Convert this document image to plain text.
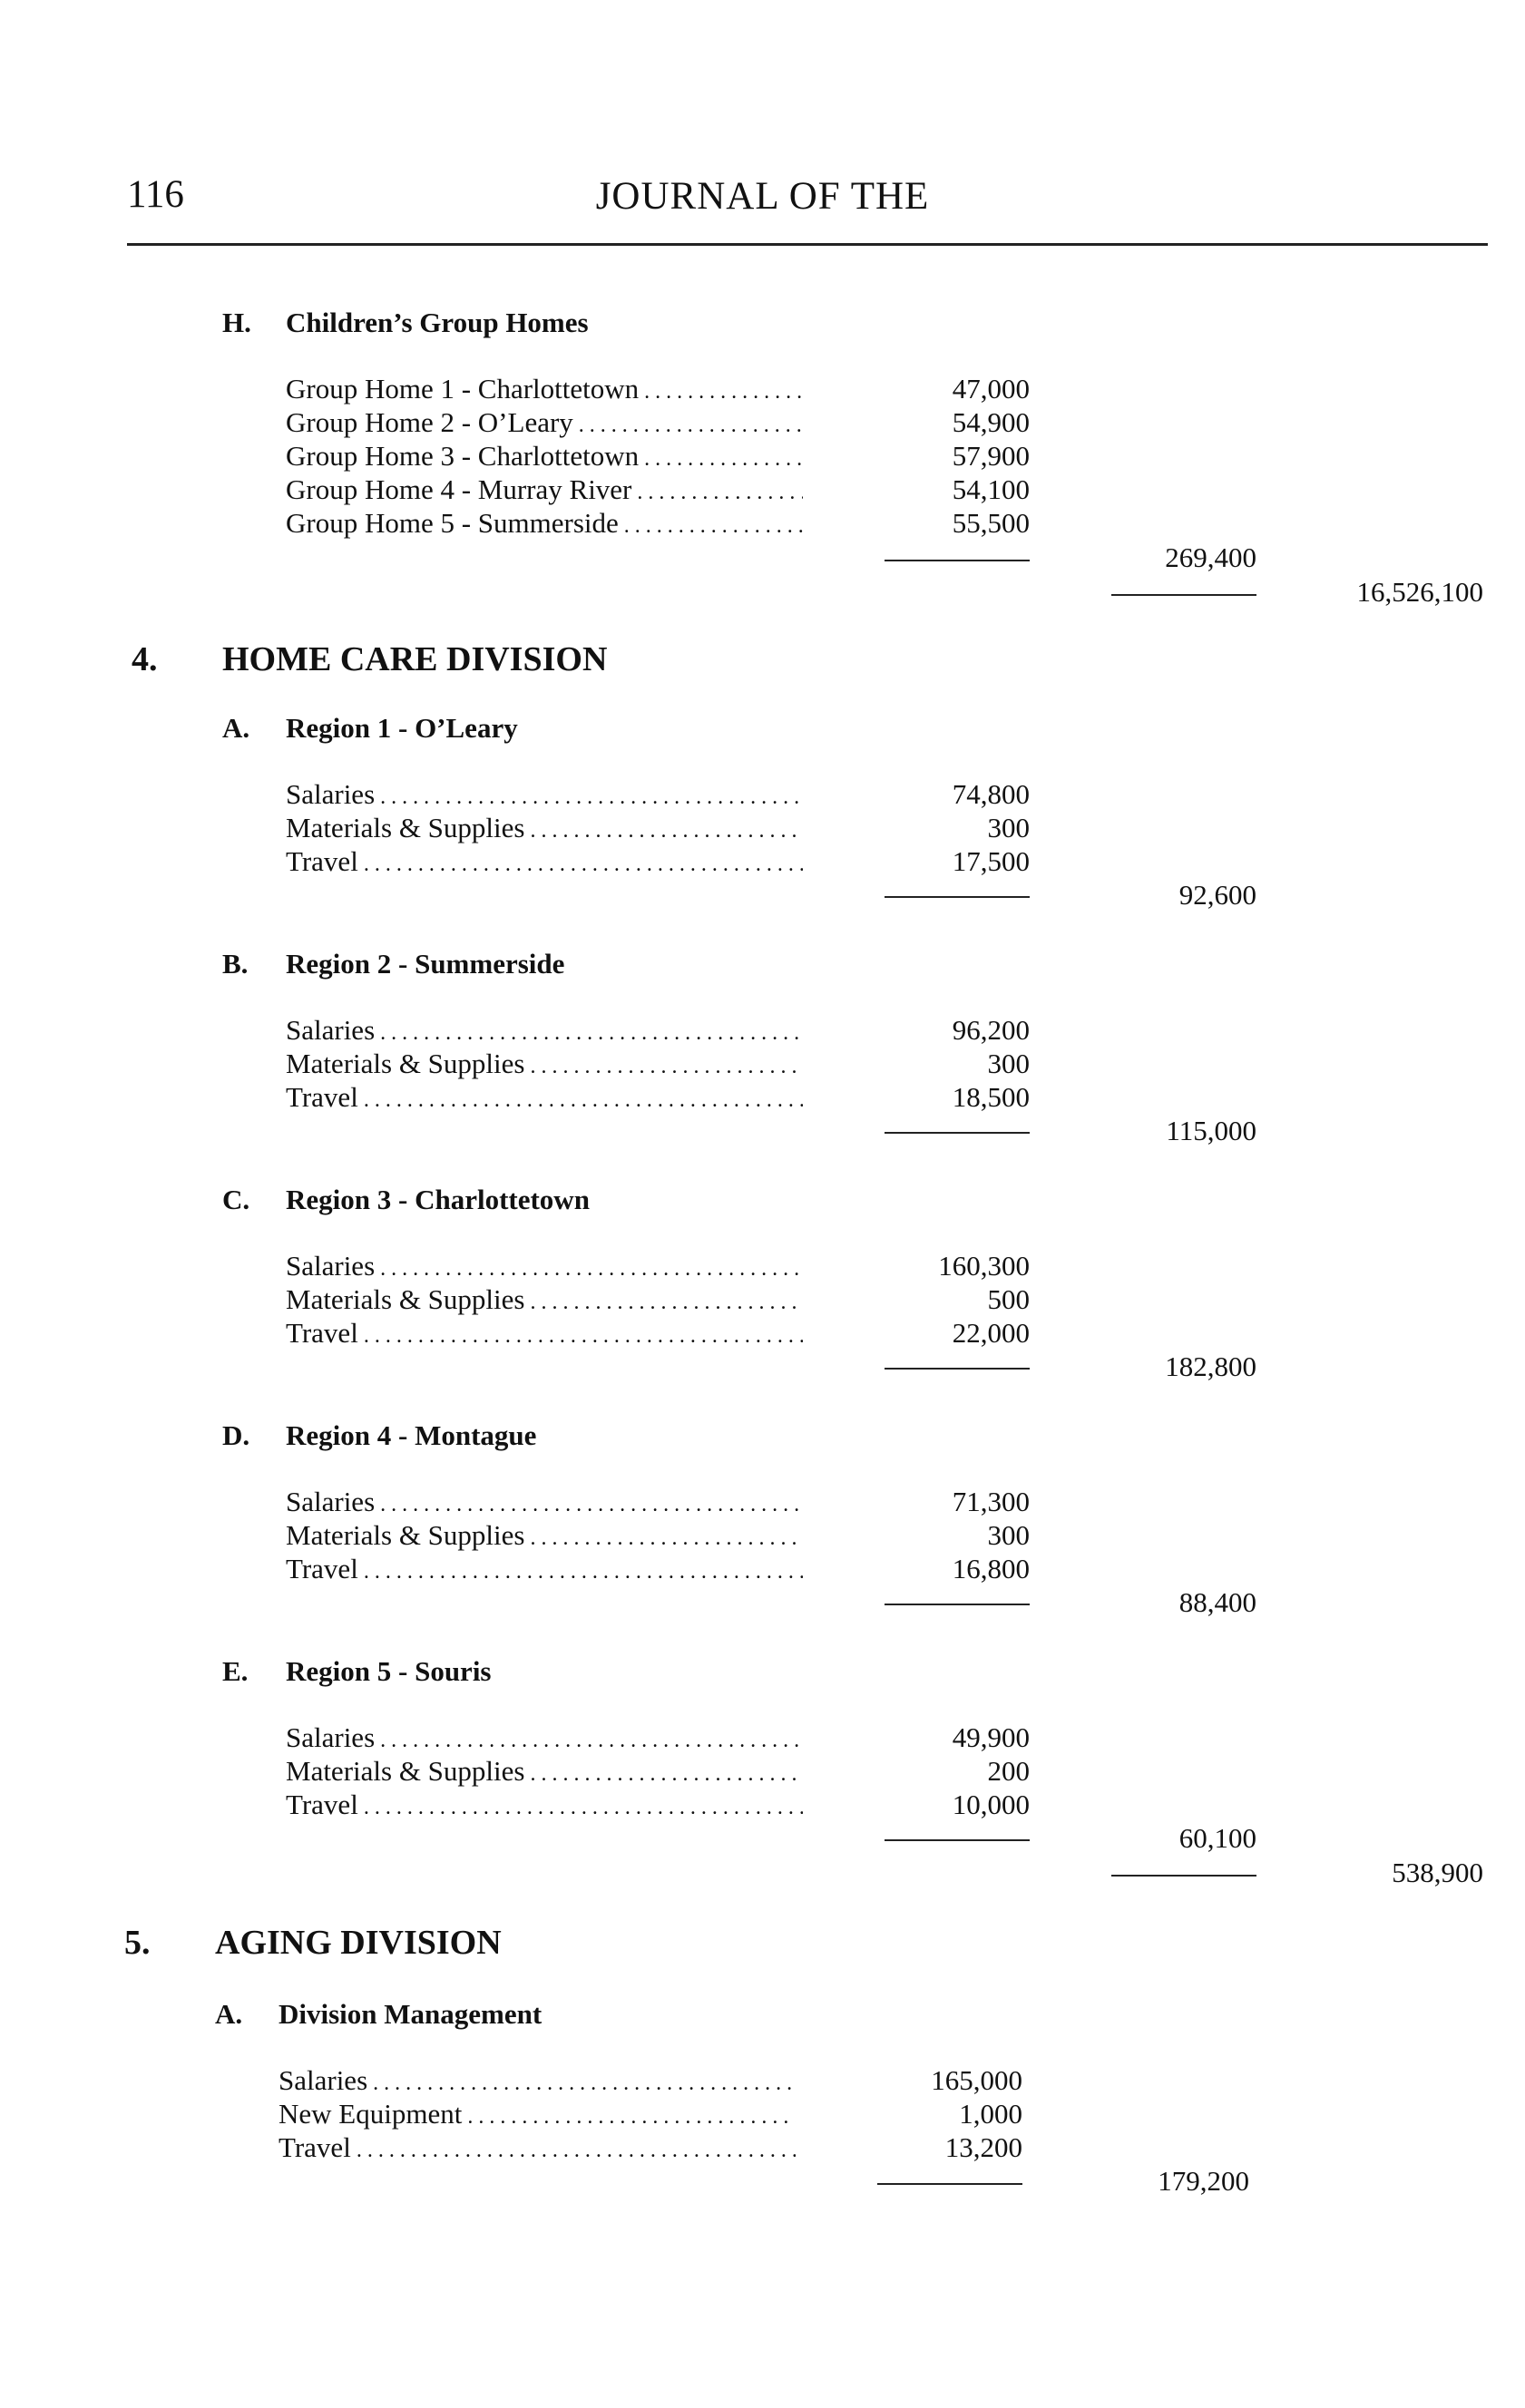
116	JOURNAL OF THE
H. Children’s Group Homes
Group Home 1 - Charlottetown . . .	47,000
Group Home 2 - O’Leary . . .	54,900
Group Home 3 - Charlottetown . . .	57,900
Group Home 4 - Murray River . . .	54,100
Group Home 5 - Summerside . . .	55,500
269,400
16,526,100
4. HOME CARE DIVISION
A. Region 1 - O’Leary
Salaries . . .	74,800
Materials & Supplies . . .	300
Travel . . .	17,500
92,600
B. Region 2 - Summerside
Salaries . . .	96,200
Materials & Supplies . . .	300
Travel . . .	18,500
115,000
C. Region 3 - Charlottetown
Salaries . . .	160,300
Materials & Supplies . . .	500
Travel . . .	22,000
182,800
D. Region 4 - Montague
Salaries . . .	71,300
Materials & Supplies . . .	300
Travel . . .	16,800
88,400
E. Region 5 - Souris
Salaries . . .	49,900
Materials & Supplies . . .	200
Travel . . .	10,000
60,100
538,900
5. AGING DIVISION
A. Division Management
Salaries . . .	165,000
New Equipment . . .	1,000
Travel . . .	13,200
179,200
